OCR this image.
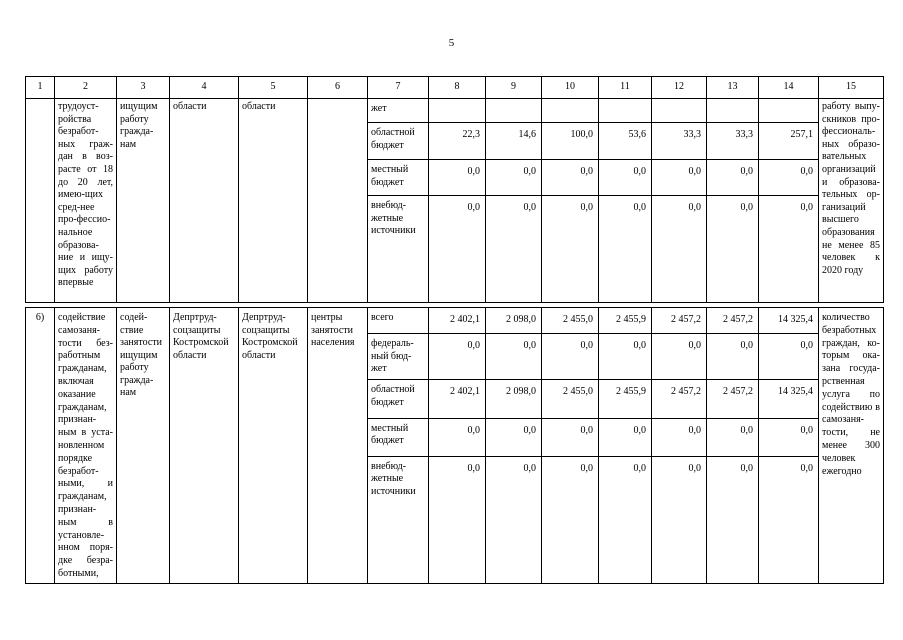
5
1	2	3	4	5	6	7	8	9	10	11	12	13	14	15
	трудоуст-ройства безработ-ных граж-дан в воз-расте от 18 до 20 лет, имею-щих сред-нее про-фессио-нальное образова-ние и ищу-щих работу впервые	ищущим работу гражда-нам	области	области		жет								работу выпу-скников про-фессиональ-ных образо-вательных организаций и образова-тельных ор-ганизаций высшего образования не менее 85 человек к 2020 году
						областной бюджет	22,3	14,6	100,0	53,6	33,3	33,3	257,1	
						местный бюджет	0,0	0,0	0,0	0,0	0,0	0,0	0,0	
						внебюд-жетные источники	0,0	0,0	0,0	0,0	0,0	0,0	0,0	

6)	содействие самозаня-тости без-работным гражданам, включая оказание гражданам, признан-ным в уста-новленном порядке безработ-ными, и гражданам, признан-ным в установле-нном поря-дке безра-ботными,	содей-ствие занятости ищущим работу гражда-нам	Депртруд-соцзащиты Костромской области	Депртруд-соцзащиты Костромской области	центры занятости населения	всего	2 402,1	2 098,0	2 455,0	2 455,9	2 457,2	2 457,2	14 325,4	количество безработных граждан, ко-торым ока-зана госуда-рственная услуга по содействию в самозаня-тости, не менее 300 человек ежегодно
						федераль-ный бюд-жет	0,0	0,0	0,0	0,0	0,0	0,0	0,0	
						областной бюджет	2 402,1	2 098,0	2 455,0	2 455,9	2 457,2	2 457,2	14 325,4	
						местный бюджет	0,0	0,0	0,0	0,0	0,0	0,0	0,0	
						внебюд-жетные источники	0,0	0,0	0,0	0,0	0,0	0,0	0,0	
